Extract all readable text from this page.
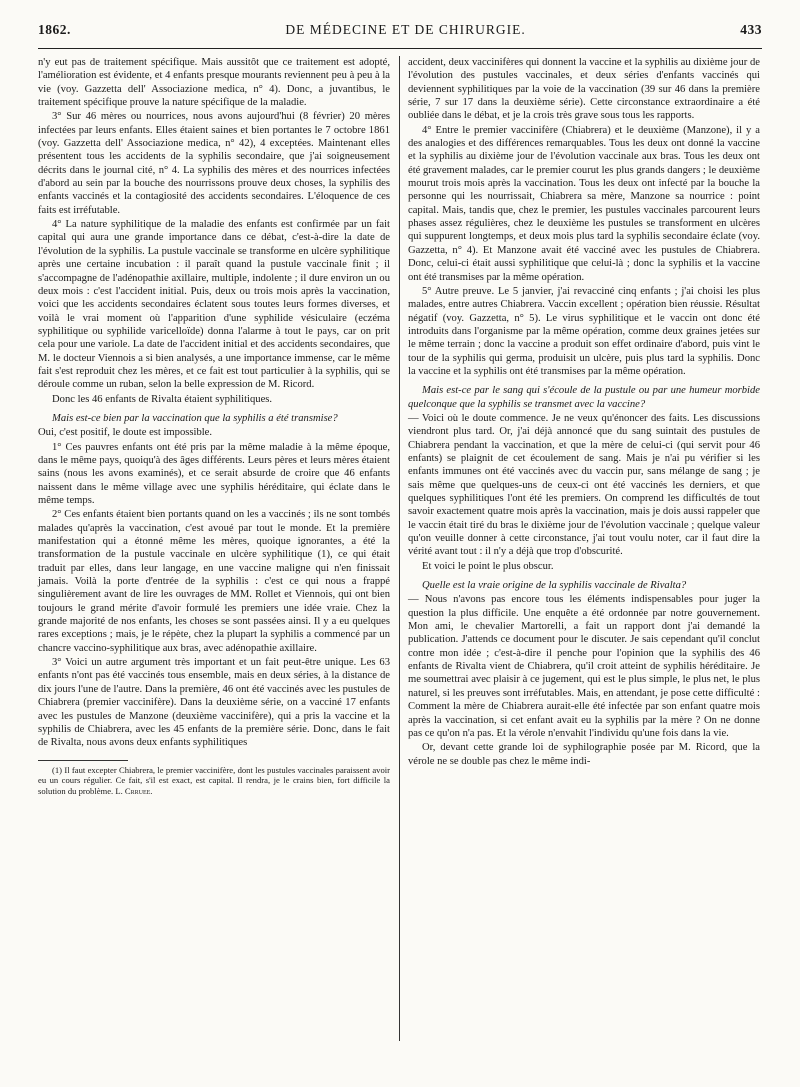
1862.	DE MÉDECINE ET DE CHIRURGIE.	433

n'y eut pas de traitement spécifique. Mais aussitôt que ce traitement est adopté, l'amélioration est évidente, et 4 enfants presque mourants reviennent peu à peu à la vie (voy. Gazzetta dell' Associazione medica, n° 4). Donc, a juvantibus, le traitement spécifique prouve la nature spécifique de la maladie.

3° Sur 46 mères ou nourrices, nous avons aujourd'hui (8 février) 20 mères infectées par leurs enfants. Elles étaient saines et bien portantes le 7 octobre 1861 (voy. Gazzetta dell' Associazione medica, n° 42), 4 exceptées. Maintenant elles présentent tous les accidents de la syphilis secondaire, que j'ai soigneusement décrits dans le journal cité, n° 4. La syphilis des mères et des nourrices infectées d'abord au sein par la bouche des nourrissons prouve deux choses, la syphilis des enfants vaccinés et la contagiosité des accidents secondaires. L'éloquence de ces faits est irréfutable.

4° La nature syphilitique de la maladie des enfants est confirmée par un fait capital qui aura une grande importance dans ce débat, c'est-à-dire la date de l'évolution de la syphilis. La pustule vaccinale se transforme en ulcère syphilitique après une certaine incubation : il paraît quand la pustule vaccinale finit ; il s'accompagne de l'adénopathie axillaire, multiple, indolente ; il dure environ un ou deux mois : c'est l'accident initial. Puis, deux ou trois mois après la vaccination, voici que les accidents secondaires éclatent sous toutes leurs formes diverses, et voilà le vrai moment où l'apparition d'une syphilide vésiculaire (eczéma syphilitique ou syphilide varicelloïde) donna l'alarme à tout le pays, car on prit cela pour une variole. La date de l'accident initial et des accidents secondaires, que M. le docteur Viennois a si bien analysés, a une importance immense, car le même fait s'est reproduit chez les mères, et ce fait est tout particulier à la syphilis, qui se déroule comme un ruban, selon la belle expression de M. Ricord.

Donc les 46 enfants de Rivalta étaient syphilitiques.

Mais est-ce bien par la vaccination que la syphilis a été transmise?

Oui, c'est positif, le doute est impossible.

1° Ces pauvres enfants ont été pris par la même maladie à la même époque, dans le même pays, quoiqu'à des âges différents. Leurs pères et leurs mères étaient sains (nous les avons examinés), et ce serait absurde de croire que 46 enfants naissent dans le même village avec une syphilis héréditaire, qui éclate dans le même temps.

2° Ces enfants étaient bien portants quand on les a vaccinés ; ils ne sont tombés malades qu'après la vaccination, c'est avoué par tout le monde. Et la première manifestation qui a étonné même les mères, quoique ignorantes, a été la transformation de la pustule vaccinale en ulcère syphilitique (1), ce qui était traduit par elles, dans leur langage, en une vaccine maligne qui n'en finissait jamais. Voilà la porte d'entrée de la syphilis : c'est ce qui nous a frappé singulièrement avant de lire les ouvrages de MM. Rollet et Viennois, qui ont bien toujours le grand mérite d'avoir formulé les premiers une idée vraie. Chez la grande majorité de nos enfants, les choses se sont passées ainsi. Il y a eu quelques rares exceptions ; mais, je le répète, chez la plupart la syphilis a commencé par un chancre vaccino-syphilitique aux bras, avec adénopathie axillaire.

3° Voici un autre argument très important et un fait peut-être unique. Les 63 enfants n'ont pas été vaccinés tous ensemble, mais en deux séries, à la distance de dix jours l'une de l'autre. Dans la première, 46 ont été vaccinés avec les pustules de Chiabrera (premier vaccinifère). Dans la deuxième série, on a vacciné 17 enfants avec les pustules de Manzone (deuxième vaccinifère), qui a pris la vaccine et la syphilis de Chiabrera, avec les 45 enfants de la première série. Donc, dans le fait de Rivalta, nous avons deux enfants syphilitiques

(1) Il faut excepter Chiabrera, le premier vaccinifère, dont les pustules vaccinales paraissent avoir eu un cours régulier. Ce fait, s'il est exact, est capital. Il rendra, je le crains bien, fort difficile la solution du problème. L. Crruee.

accident, deux vaccinifères qui donnent la vaccine et la syphilis au dixième jour de l'évolution des pustules vaccinales, et deux séries d'enfants vaccinés qui deviennent syphilitiques par la voie de la vaccination (39 sur 46 dans la première série, 7 sur 17 dans la deuxième série). Cette circonstance extraordinaire a été oubliée dans le débat, et je la crois très grave sous tous les rapports.

4° Entre le premier vaccinifère (Chiabrera) et le deuxième (Manzone), il y a des analogies et des différences remarquables. Tous les deux ont donné la vaccine et la syphilis au dixième jour de l'évolution vaccinale aux bras. Tous les deux ont été gravement malades, car le premier courut les plus grands dangers ; le deuxième mourut trois mois après la vaccination. Tous les deux ont infecté par la bouche la personne qui les nourrissait, Chiabrera sa mère, Manzone sa nourrice : point capital. Mais, tandis que, chez le premier, les pustules vaccinales parcourent leurs phases assez régulières, chez le deuxième les pustules se transforment en ulcères qui suppurent longtemps, et deux mois plus tard la syphilis secondaire éclate (voy. Gazzetta, n° 4). Et Manzone avait été vacciné avec les pustules de Chiabrera. Donc, celui-ci était aussi syphilitique que celui-là ; donc la syphilis et la vaccine ont été transmises par la même opération.

5° Autre preuve. Le 5 janvier, j'ai revacciné cinq enfants ; j'ai choisi les plus malades, entre autres Chiabrera. Vaccin excellent ; opération bien réussie. Résultat négatif (voy. Gazzetta, n° 5). Le virus syphilitique et le vaccin ont donc été introduits dans l'organisme par la même opération, comme deux graines jetées sur le même terrain ; donc la vaccine a produit son effet ordinaire d'abord, puis vint le tour de la syphilis qui germa, produisit un ulcère, puis plus tard la syphilis. Donc la vaccine et la syphilis ont été transmises par la même opération.

Mais est-ce par le sang qui s'écoule de la pustule ou par une humeur morbide quelconque que la syphilis se transmet avec la vaccine?

— Voici où le doute commence. Je ne veux qu'énoncer des faits. Les discussions viendront plus tard. Or, j'ai déjà annoncé que du sang suintait des pustules de Chiabrera pendant la vaccination, et que la mère de celui-ci (qui servit pour 46 enfants) se plaignit de cet écoulement de sang. Mais je n'ai pu vérifier si les enfants immunes ont été vaccinés avec du vaccin pur, sans mélange de sang ; je sais même que quelques-uns de ceux-ci ont été vaccinés les derniers, et que quelques syphilitiques l'ont été les premiers. On comprend les difficultés de tout savoir exactement quatre mois après la vaccination, mais je dois aussi rappeler que le vaccin était tiré du bras le dixième jour de l'évolution vaccinale ; quelque valeur qu'on veuille donner à cette circonstance, j'ai tout voulu noter, car il faut dire la vérité avant tout : il n'y a déjà que trop d'obscurité.

Et voici le point le plus obscur.

Quelle est la vraie origine de la syphilis vaccinale de Rivalta?

— Nous n'avons pas encore tous les éléments indispensables pour juger la question la plus difficile. Une enquête a été ordonnée par notre gouvernement. Mon ami, le chevalier Martorelli, a fait un rapport dont j'ai demandé la publication. J'attends ce document pour le discuter. Je sais cependant qu'il conclut contre mon idée ; c'est-à-dire il penche pour l'opinion que la syphilis des 46 enfants de Rivalta vient de Chiabrera, qu'il croit atteint de syphilis héréditaire. Je me soumettrai avec plaisir à ce jugement, qui est le plus simple, le plus net, le plus naturel, si les preuves sont irréfutables. Mais, en attendant, je pose cette difficulté : Comment la mère de Chiabrera aurait-elle été infectée par son enfant quatre mois après la vaccination, si cet enfant avait eu la syphilis par la mère ? On ne donne pas ce qu'on n'a pas. Et la vérole n'envahit l'individu qu'une fois dans la vie.

Or, devant cette grande loi de syphilographie posée par M. Ricord, que la vérole ne se double pas chez le même indi-
